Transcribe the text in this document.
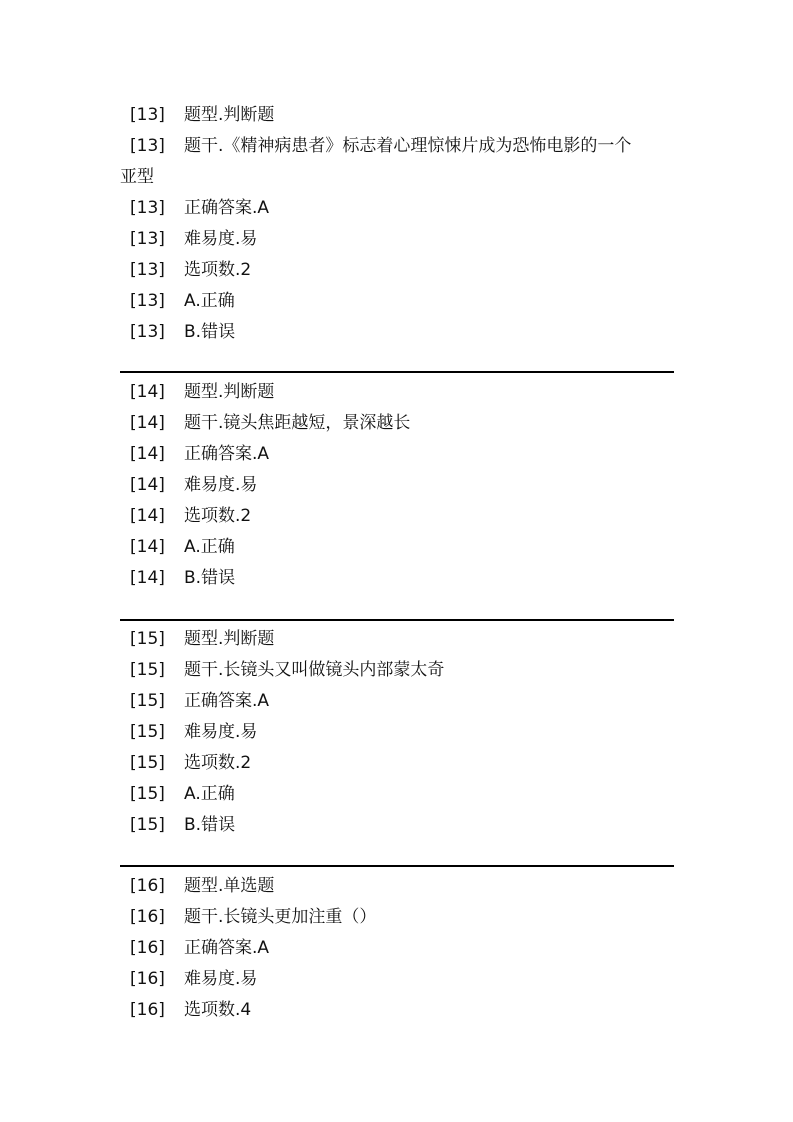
[13] 题型.判断题
[13] 题干.《精神病患者》标志着心理惊悚片成为恐怖电影的一个
亚型
[13] 正确答案.A
[13] 难易度.易
[13] 选项数.2
[13] A.正确
[13] B.错误
[14] 题型.判断题
[14] 题干.镜头焦距越短，景深越长
[14] 正确答案.A
[14] 难易度.易
[14] 选项数.2
[14] A.正确
[14] B.错误
[15] 题型.判断题
[15] 题干.长镜头又叫做镜头内部蒙太奇
[15] 正确答案.A
[15] 难易度.易
[15] 选项数.2
[15] A.正确
[15] B.错误
[16] 题型.单选题
[16] 题干.长镜头更加注重（）
[16] 正确答案.A
[16] 难易度.易
[16] 选项数.4
